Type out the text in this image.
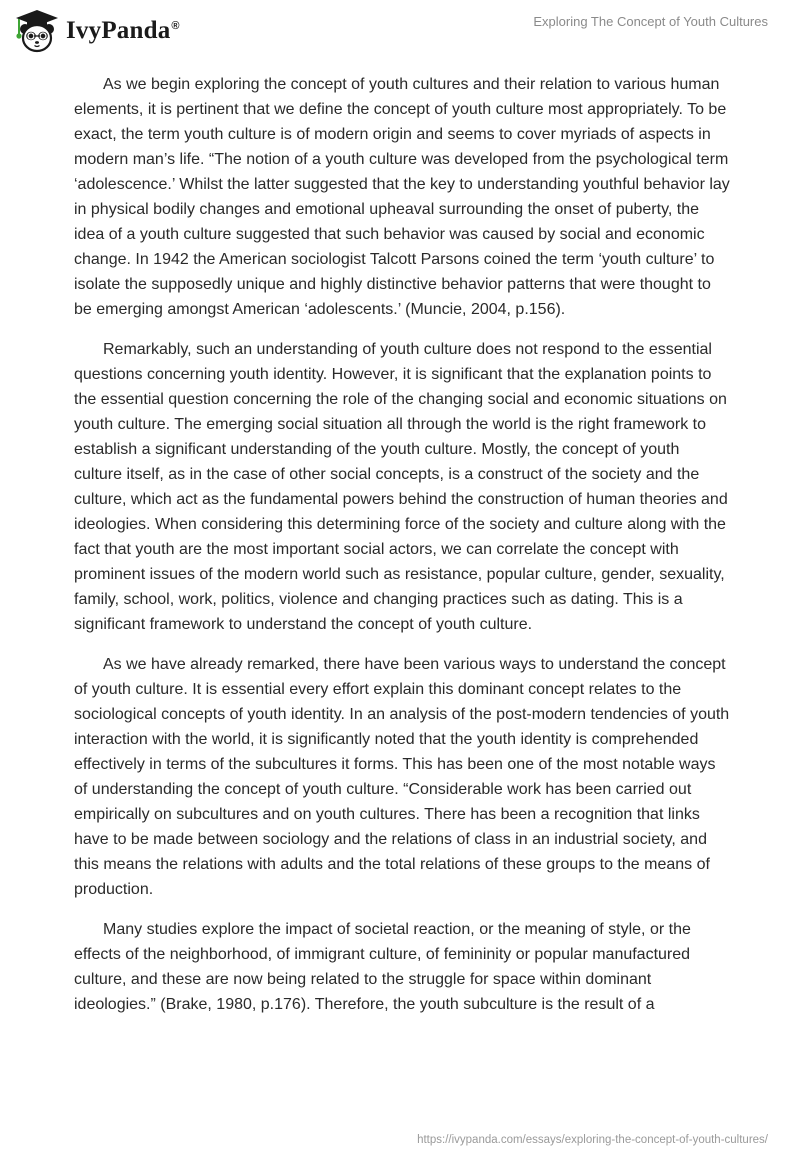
IvyPanda®	Exploring The Concept of Youth Cultures

As we begin exploring the concept of youth cultures and their relation to various human elements, it is pertinent that we define the concept of youth culture most appropriately. To be exact, the term youth culture is of modern origin and seems to cover myriads of aspects in modern man’s life. “The notion of a youth culture was developed from the psychological term ‘adolescence.’ Whilst the latter suggested that the key to understanding youthful behavior lay in physical bodily changes and emotional upheaval surrounding the onset of puberty, the idea of a youth culture suggested that such behavior was caused by social and economic change. In 1942 the American sociologist Talcott Parsons coined the term ‘youth culture’ to isolate the supposedly unique and highly distinctive behavior patterns that were thought to be emerging amongst American ‘adolescents.’ (Muncie, 2004, p.156).

Remarkably, such an understanding of youth culture does not respond to the essential questions concerning youth identity. However, it is significant that the explanation points to the essential question concerning the role of the changing social and economic situations on youth culture. The emerging social situation all through the world is the right framework to establish a significant understanding of the youth culture. Mostly, the concept of youth culture itself, as in the case of other social concepts, is a construct of the society and the culture, which act as the fundamental powers behind the construction of human theories and ideologies. When considering this determining force of the society and culture along with the fact that youth are the most important social actors, we can correlate the concept with prominent issues of the modern world such as resistance, popular culture, gender, sexuality, family, school, work, politics, violence and changing practices such as dating. This is a significant framework to understand the concept of youth culture.

As we have already remarked, there have been various ways to understand the concept of youth culture. It is essential every effort explain this dominant concept relates to the sociological concepts of youth identity. In an analysis of the post-modern tendencies of youth interaction with the world, it is significantly noted that the youth identity is comprehended effectively in terms of the subcultures it forms. This has been one of the most notable ways of understanding the concept of youth culture. “Considerable work has been carried out empirically on subcultures and on youth cultures. There has been a recognition that links have to be made between sociology and the relations of class in an industrial society, and this means the relations with adults and the total relations of these groups to the means of production.

Many studies explore the impact of societal reaction, or the meaning of style, or the effects of the neighborhood, of immigrant culture, of femininity or popular manufactured culture, and these are now being related to the struggle for space within dominant ideologies.” (Brake, 1980, p.176). Therefore, the youth subculture is the result of a

https://ivypanda.com/essays/exploring-the-concept-of-youth-cultures/
